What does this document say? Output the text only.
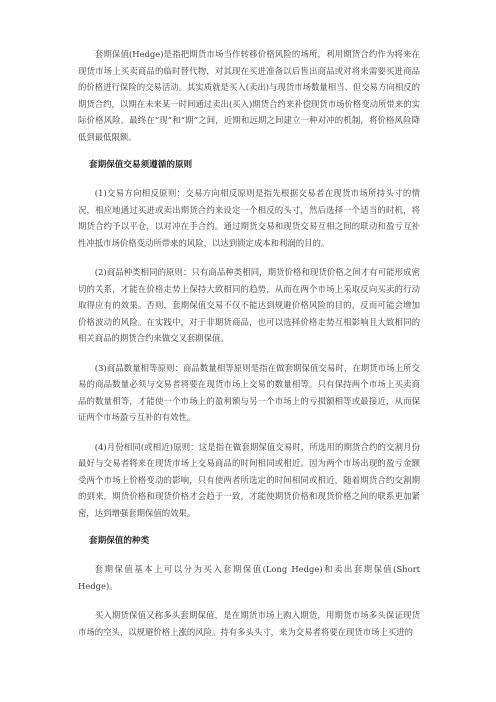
套期保值(Hedge)是指把期货市场当作转移价格风险的场所，利用期货合约作为将来在现货市场上买卖商品的临时替代物，对其现在买进准备以后售出商品或对将来需要买进商品的价格进行保险的交易活动。其实质就是买入(卖出)与现货市场数量相当、但交易方向相反的期货合约，以期在未来某一时间通过卖出(买入)期货合约来补偿现货市场价格变动所带来的实际价格风险。最终在“现”和“期”之间，近期和远期之间建立一种对冲的机制，将价格风险降低到最低限额。

套期保值交易须遵循的原则

(1)交易方向相反原则：交易方向相反原则是指先根据交易者在现货市场所持头寸的情况，相应地通过买进或卖出期货合约来设定一个相反的头寸，然后选择一个适当的时机，将期货合约予以平仓，以对冲在手合约。通过期货交易和现货交易互相之间的联动和盈亏互补性冲抵市场价格变动所带来的风险，以达到锁定成本和利润的目的。

(2)商品种类相同的原则：只有商品种类相同，期货价格和现货价格之间才有可能形成密切的关系，才能在价格走势上保持大致相同的趋势，从而在两个市场上采取反向买卖的行动取得应有的效果。否则，套期保值交易不仅不能达到规避价格风险的目的，反而可能会增加价格波动的风险。在实践中，对于非期货商品，也可以选择价格走势互相影响且大致相同的相关商品的期货合约来做交叉套期保值。

(3)商品数量相等原则：商品数量相等原则是指在做套期保值交易时，在期货市场上所交易的商品数量必须与交易者将要在现货市场上交易的数量相等。只有保持两个市场上买卖商品的数量相等，才能使一个市场上的盈利额与另一个市场上的亏损额相等或最接近，从而保证两个市场盈亏互补的有效性。

(4)月份相同(或相近)原则：这是指在做套期保值交易时，所选用的期货合约的交割月份最好与交易者将来在现货市场上交易商品的时间相同或相近。因为两个市场出现的盈亏金额受两个市场上价格变动的影响，只有使两者所选定的时间相同或相近，随着期货合约交割期的到来，期货价格和现货价格才会趋于一致，才能使期货价格和现货价格之间的联系更加紧密，达到增强套期保值的效果。

套期保值的种类

套期保值基本上可以分为买入套期保值(Long Hedge)和卖出套期保值(Short Hedge)。

买入期货保值又称多头套期保值，是在期货市场上购入期货，用期货市场多头保证现货市场的空头，以规避价格上涨的风险。持有多头头寸，来为交易者将要在现货市场上买进的
